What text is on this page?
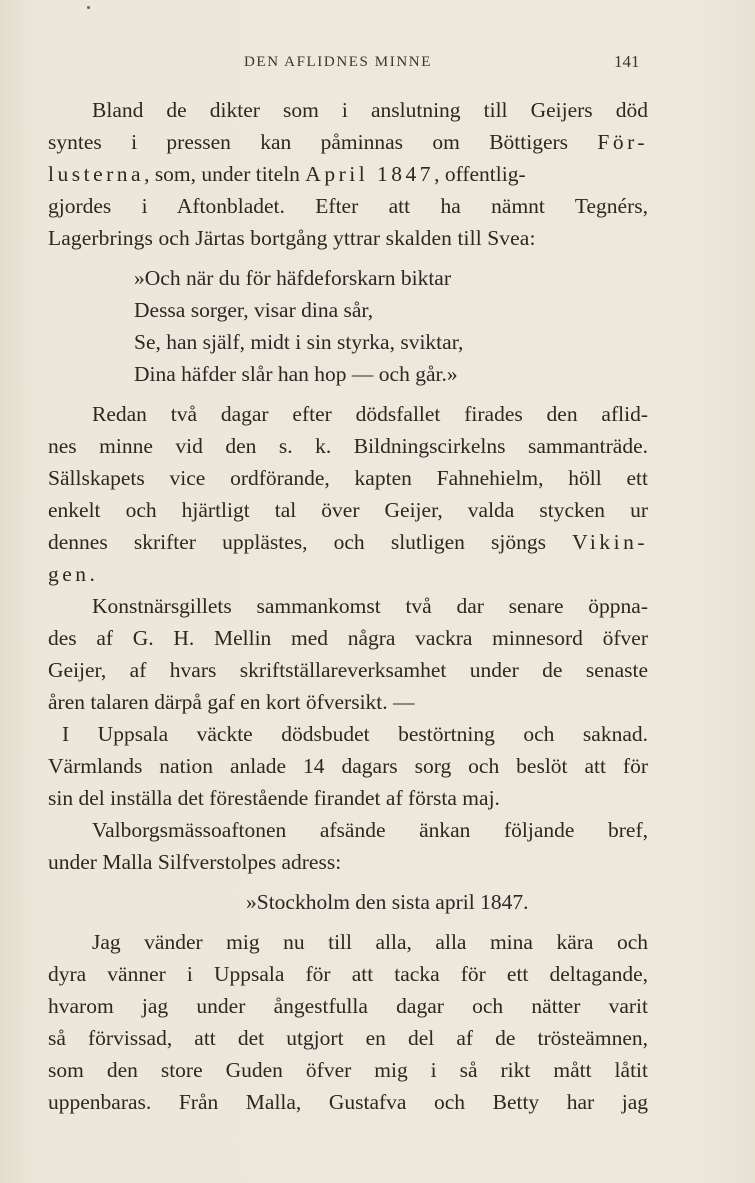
DEN AFLIDNES MINNE	141
Bland de dikter som i anslutning till Geijers död
syntes i pressen kan påminnas om Böttigers För-
lusterna, som, under titeln April 1847, offentlig-
gjordes i Aftonbladet. Efter att ha nämnt Tegnérs,
Lagerbrings och Järtas bortgång yttrar skalden till Svea:
»Och när du för häfdeforskarn biktar
Dessa sorger, visar dina sår,
Se, han själf, midt i sin styrka, sviktar,
Dina häfder slår han hop — och går.»
Redan två dagar efter dödsfallet firades den aflid-
nes minne vid den s. k. Bildningscirkelns sammanträde.
Sällskapets vice ordförande, kapten Fahnehielm, höll ett
enkelt och hjärtligt tal över Geijer, valda stycken ur
dennes skrifter upplästes, och slutligen sjöngs Vikin-
gen.
Konstnärsgillets sammankomst två dar senare öppna-
des af G. H. Mellin med några vackra minnesord öfver
Geijer, af hvars skriftställareverksamhet under de senaste
åren talaren därpå gaf en kort öfversikt. —
I Uppsala väckte dödsbudet bestörtning och saknad.
Värmlands nation anlade 14 dagars sorg och beslöt att för
sin del inställa det förestående firandet af första maj.
Valborgsmässoaftonen afsände änkan följande bref,
under Malla Silfverstolpes adress:
»Stockholm den sista april 1847.
Jag vänder mig nu till alla, alla mina kära och
dyra vänner i Uppsala för att tacka för ett deltagande,
hvarom jag under ångestfulla dagar och nätter varit
så förvissad, att det utgjort en del af de trösteämnen,
som den store Guden öfver mig i så rikt mått låtit
uppenbaras. Från Malla, Gustafva och Betty har jag
